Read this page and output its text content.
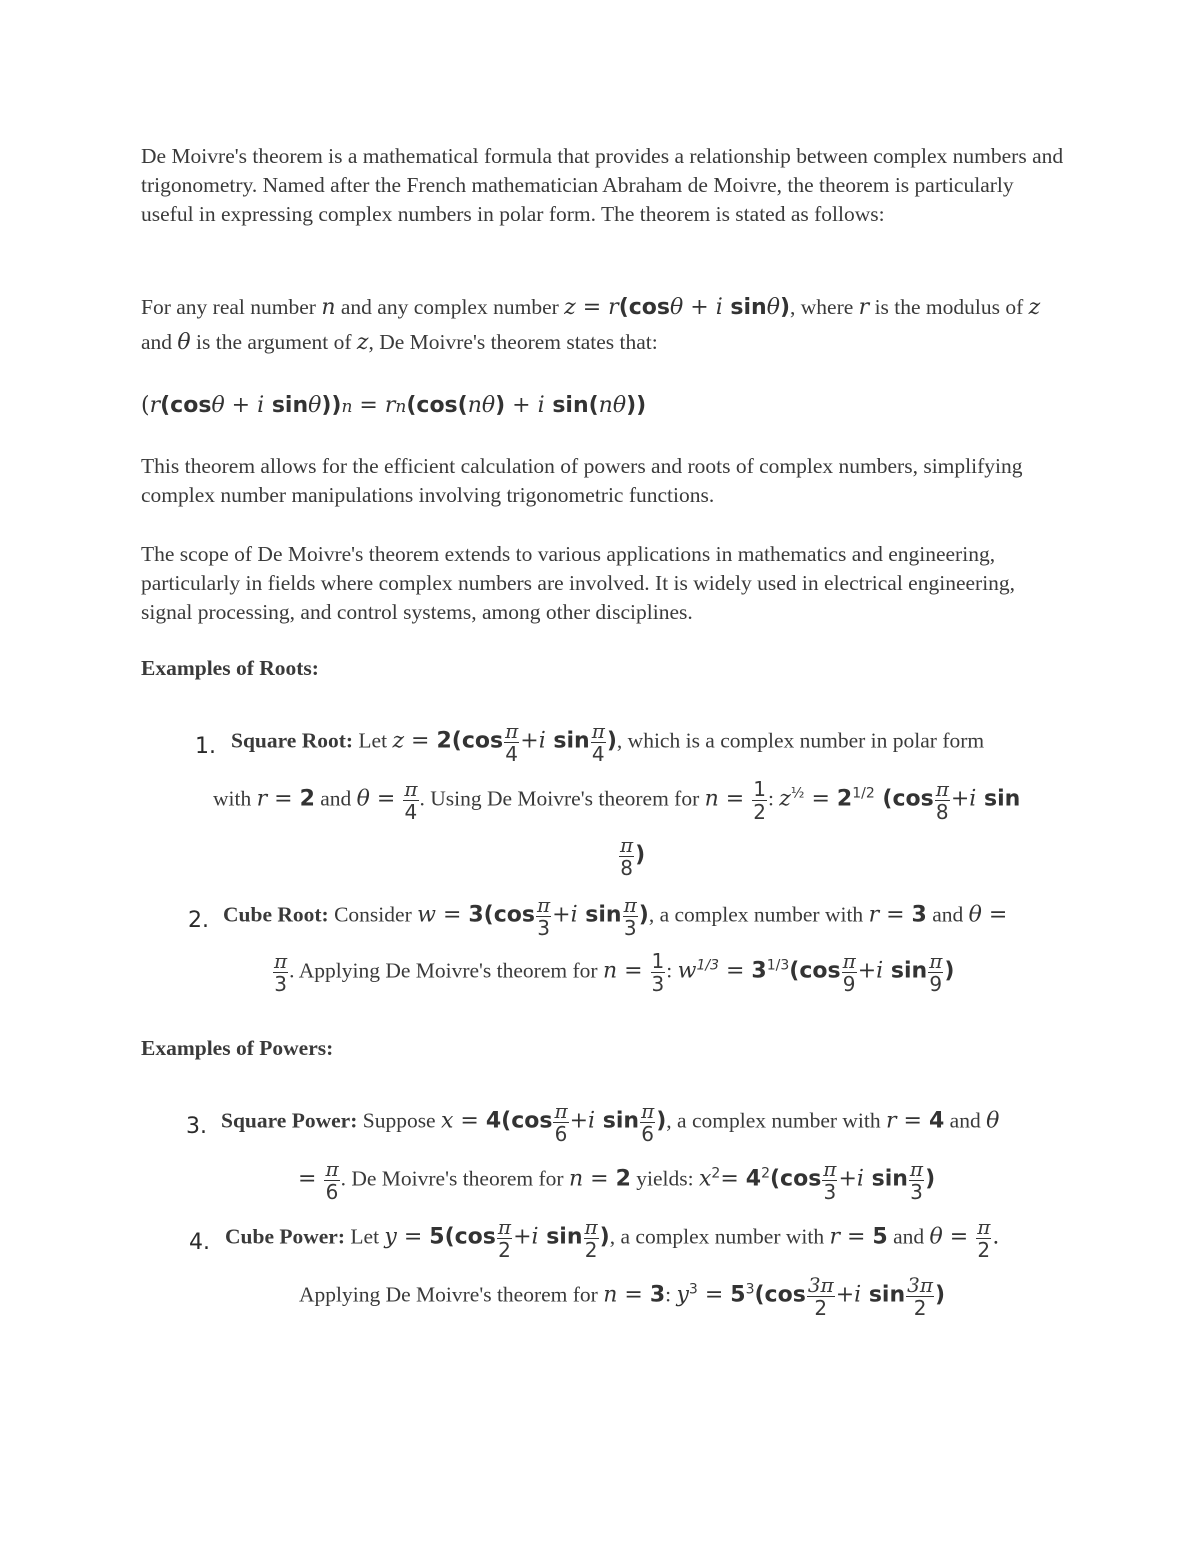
De Moivre's theorem is a mathematical formula that provides a relationship between complex numbers and trigonometry. Named after the French mathematician Abraham de Moivre, the theorem is particularly useful in expressing complex numbers in polar form. The theorem is stated as follows:

For any real number n and any complex number z = r(cosθ + i sinθ), where r is the modulus of z and θ is the argument of z, De Moivre's theorem states that:

(r(cosθ + i sinθ))n = rn(cos(nθ) + i sin(nθ))

This theorem allows for the efficient calculation of powers and roots of complex numbers, simplifying complex number manipulations involving trigonometric functions.

The scope of De Moivre's theorem extends to various applications in mathematics and engineering, particularly in fields where complex numbers are involved. It is widely used in electrical engineering, signal processing, and control systems, among other disciplines.

Examples of Roots:

1. Square Root: Let $z = 2(\cos \frac{\pi}{4} +i$ $\sin \frac{\pi}{4}$ ), which is a complex number in polar form
with r = 2 and $\theta = \frac{\pi}{4}$ . Using De Moivre's theorem for $n = \frac{1}{2}$ : $z^{\frac{1}{2}} = 2^{1/2}$ ($\cos \frac{\pi}{8} +i$ sin
$\frac{\pi}{8}$ )
2. Cube Root: Consider $w = 3(\cos \frac{\pi}{3} +i$ $\sin \frac{\pi}{3}$ ), a complex number with r = 3 and θ =
$\frac{\pi}{3}$ . Applying De Moivre's theorem for $n = \frac{1}{3}$ : $w^{1/3} = 3^{1/3}(\cos \frac{\pi}{9} +i$ $\sin \frac{\pi}{9}$ )

Examples of Powers:

3. Square Power: Suppose $x = 4(\cos \frac{\pi}{6} +i$ $\sin \frac{\pi}{6}$ ), a complex number with r = 4 and θ
= $\frac{\pi}{6}$ . De Moivre's theorem for n = 2 yields: $x^2= 4^2(\cos \frac{\pi}{3} +i$ $\sin \frac{\pi}{3}$ )
4. Cube Power: Let $y = 5(\cos \frac{\pi}{2} +i$ $\sin \frac{\pi}{2}$ ), a complex number with r = 5 and $\theta = \frac{\pi}{2}$ .
Applying De Moivre's theorem for n = 3: $y^3 = 5^3(\cos \frac{3\pi}{2} +i$ $\sin \frac{3\pi}{2}$ )
